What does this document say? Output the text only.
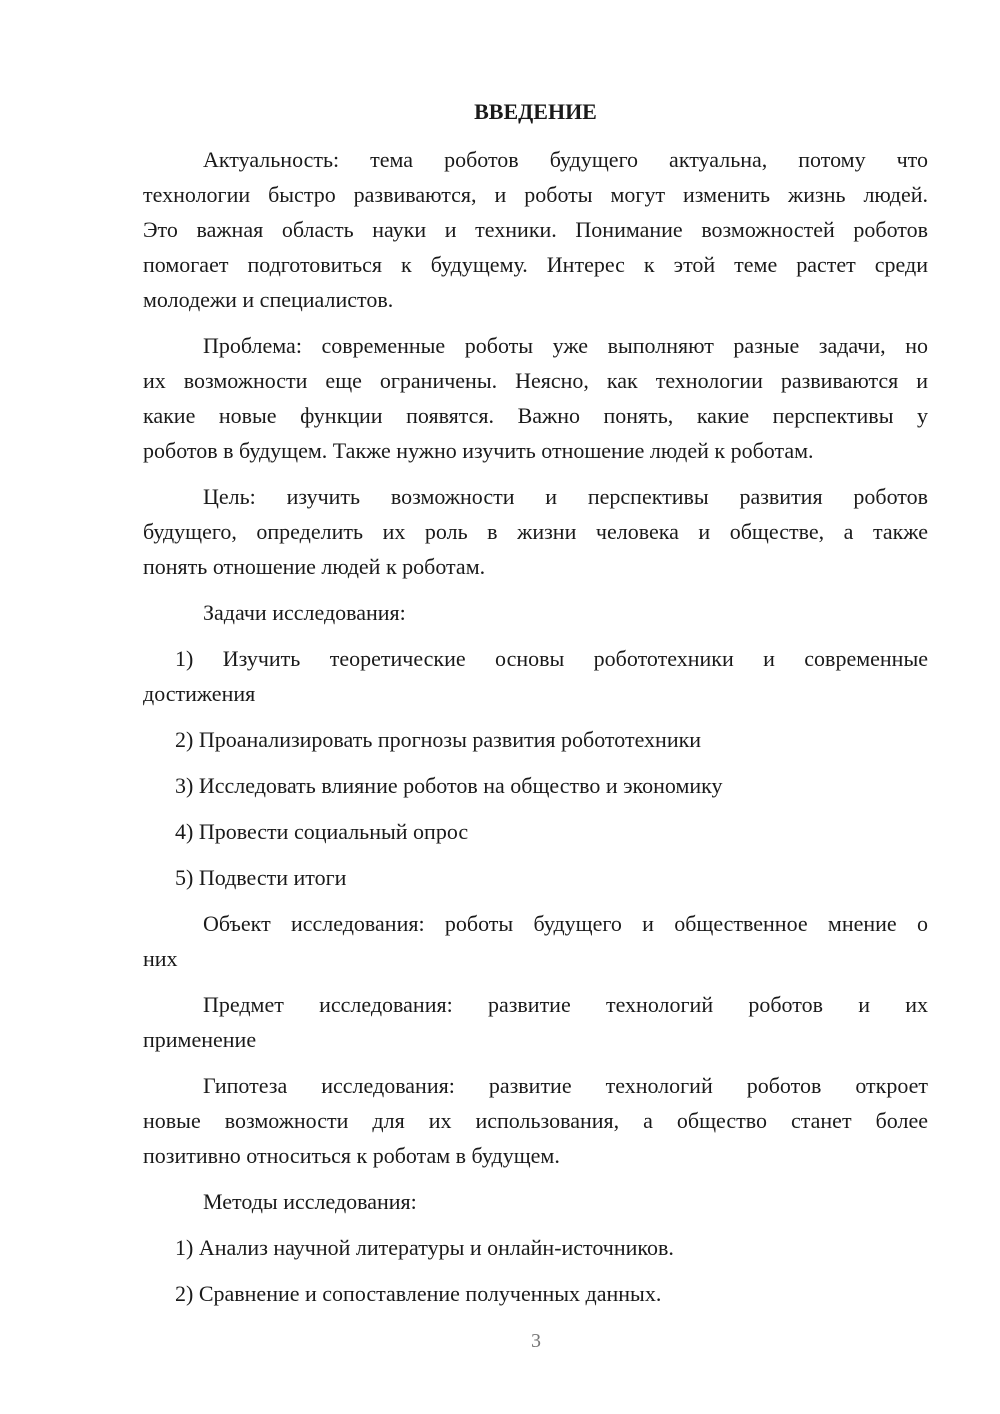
ВВЕДЕНИЕ
Актуальность: тема роботов будущего актуальна, потому что
технологии быстро развиваются, и роботы могут изменить жизнь людей.
Это важная область науки и техники. Понимание возможностей роботов
помогает подготовиться к будущему. Интерес к этой теме растет среди
молодежи и специалистов.
Проблема: современные роботы уже выполняют разные задачи, но
их возможности еще ограничены. Неясно, как технологии развиваются и
какие новые функции появятся. Важно понять, какие перспективы у
роботов в будущем. Также нужно изучить отношение людей к роботам.
Цель: изучить возможности и перспективы развития роботов
будущего, определить их роль в жизни человека и обществе, а также
понять отношение людей к роботам.
Задачи исследования:
1) Изучить теоретические основы робототехники и современные
достижения
2) Проанализировать прогнозы развития робототехники
3) Исследовать влияние роботов на общество и экономику
4) Провести социальный опрос
5) Подвести итоги
Объект исследования: роботы будущего и общественное мнение о
них
Предмет исследования: развитие технологий роботов и их
применение
Гипотеза исследования: развитие технологий роботов откроет
новые возможности для их использования, а общество станет более
позитивно относиться к роботам в будущем.
Методы исследования:
1) Анализ научной литературы и онлайн-источников.
2) Сравнение и сопоставление полученных данных.
3
